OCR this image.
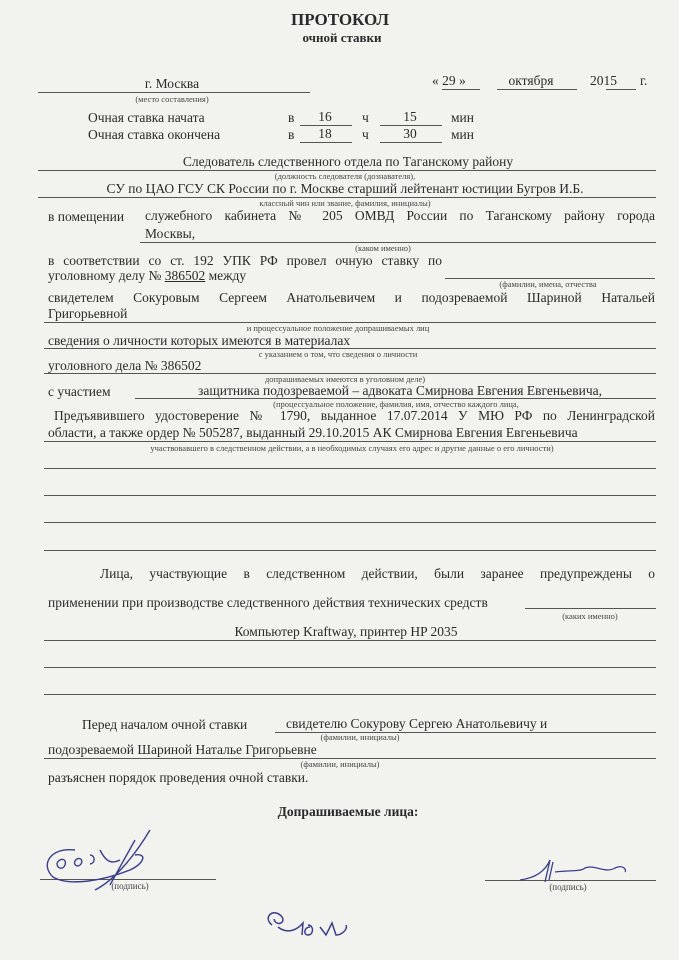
ПРОТОКОЛ
очной ставки
г. Москва
(место составления)
« 29 »	октября	2015 г.
Очная ставка начата	в 16 ч	15	мин
Очная ставка окончена	в 18 ч	30	мин
Следователь следственного отдела по Таганскому району
(должность следователя (дознавателя),
СУ по ЦАО ГСУ СК России по г. Москве старший лейтенант юстиции Бугров И.Б.
классный чин или звание, фамилия, инициалы)
в помещении служебного кабинета № 205 ОМВД России по Таганскому району города
Москвы,
(каком именно)
в соответствии со ст. 192 УПК РФ провел очную ставку по
уголовному делу № 386502 между
(фамилии, имена, отчества
свидетелем Сокуровым Сергеем Анатольевичем и подозреваемой Шариной Натальей
Григорьевной
и процессуальное положение допрашиваемых лиц
сведения о личности которых имеются в материалах
с указанием о том, что сведения о личности
уголовного дела № 386502
допрашиваемых имеются в уголовном деле)
с участием	защитника подозреваемой – адвоката Смирнова Евгения Евгеньевича,
(процессуальное положение, фамилия, имя, отчество каждого лица,
Предъявившего удостоверение № 1790, выданное 17.07.2014 У МЮ РФ по Ленинградской
области, а также ордер № 505287, выданный 29.10.2015 АК Смирнова Евгения Евгеньевича
участвовавшего в следственном действии, а в необходимых случаях его адрес и другие данные о его личности)
Лица, участвующие в следственном действии, были заранее предупреждены о
применении при производстве следственного действия технических средств
(каких именно)
Компьютер Kraftway, принтер HP 2035
Перед началом очной ставки	свидетелю Сокурову Сергею Анатольевичу и
(фамилии, инициалы)
подозреваемой Шариной Натальe Григорьевне
(фамилии, инициалы)
разъяснен порядок проведения очной ставки.
Допрашиваемые лица:
(подпись)	(подпись)
